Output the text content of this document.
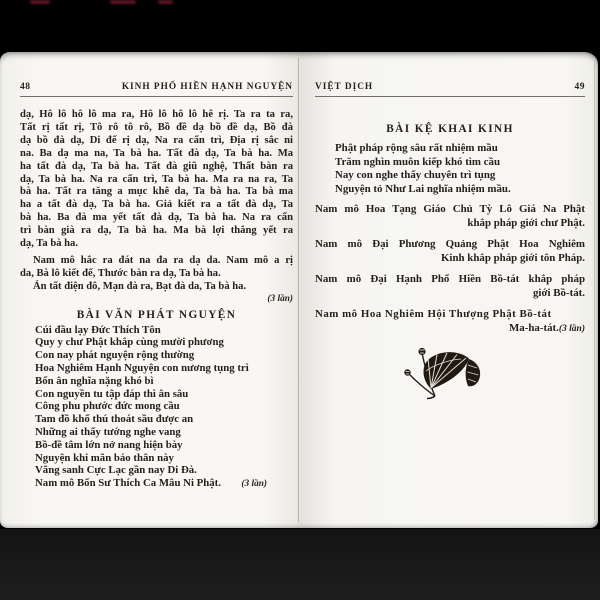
48	KINH PHỔ HIỀN HẠNH NGUYỆN
dạ, Hô lô hô lô ma ra, Hô lô hô lô hê rị. Ta ra ta ra,
Tất rị tất rị, Tô rô tô rô, Bồ đề dạ bồ đề dạ, Bồ đà
dạ bồ đà dạ, Di đế rị dạ, Na ra cẩn trì, Địa rị sắc ni
na. Ba dạ ma na, Ta bà ha. Tất đà dạ, Ta bà ha. Ma
ha tất đà dạ, Ta bà ha. Tất đà giũ nghệ, Thất bàn ra
dạ, Ta bà ha. Na ra cẩn trì, Ta bà ha. Ma ra na ra, Ta
bà ha. Tất ra tăng a mục khê da, Ta bà ha. Ta bà ma
ha a tất đà dạ, Ta bà ha. Giả kiết ra a tất đà dạ, Ta
bà ha. Ba đà ma yết tất đà dạ, Ta bà ha. Na ra cẩn
trì bàn già ra dạ, Ta bà ha. Ma bà lợi thắng yết ra
dạ, Ta bà ha.
Nam mô hắc ra đát na đa ra dạ da. Nam mô a rị
da, Bà lô kiết đế, Thước bàn ra dạ, Ta bà ha.
Án tất điện đô, Mạn đà ra, Bạt đà da, Ta bà ha.
(3 lần)
BÀI VĂN PHÁT NGUYỆN
Cúi đầu lạy Đức Thích Tôn
Quy y chư Phật khắp cùng mười phương
Con nay phát nguyện rộng thường
Hoa Nghiêm Hạnh Nguyện con nương tụng trì
Bốn ân nghĩa nặng khó bì
Con nguyền tu tập đáp thì ân sâu
Công phu phước đức mong cầu
Tam đồ khổ thú thoát sầu được an
Những ai thấy tướng nghe vang
Bồ-đề tâm lớn nở nang hiện bày
Nguyện khi mãn báo thân này
Vãng sanh Cực Lạc gần nay Di Đà.
Nam mô Bổn Sư Thích Ca Mâu Ni Phật. (3 lần)
VIỆT DỊCH	49
BÀI KỆ KHAI KINH
Phật pháp rộng sâu rất nhiệm mầu
Trăm nghìn muôn kiếp khó tìm cầu
Nay con nghe thấy chuyên trì tụng
Nguyện tỏ Như Lai nghĩa nhiệm mầu.
Nam mô Hoa Tạng Giáo Chủ Tỳ Lô Giá Na Phật
khắp pháp giới chư Phật.
Nam mô Đại Phương Quảng Phật Hoa Nghiêm
Kinh khắp pháp giới tôn Pháp.
Nam mô Đại Hạnh Phổ Hiền Bồ-tát khắp pháp
giới Bồ-tát.
Nam mô Hoa Nghiêm Hội Thượng Phật Bồ-tát
Ma-ha-tát.(3 lần)
